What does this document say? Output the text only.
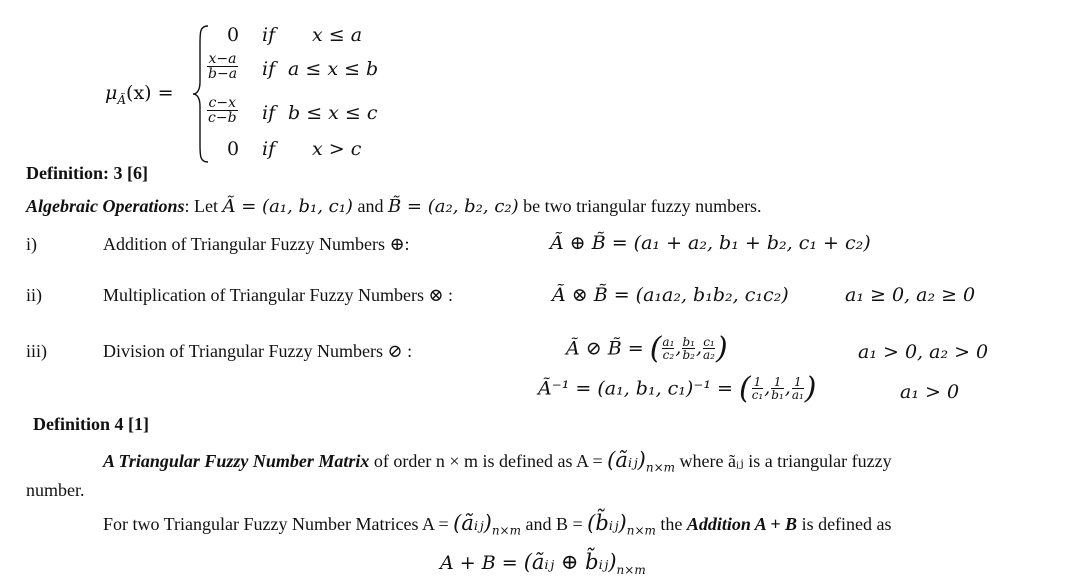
$\mu_Ã(x)$ =
0 if x ≤ a
$\frac{x-a}{b-a}$ if a ≤ x ≤ b
$\frac{c-x}{c-b}$ if b ≤ x ≤ c
0 if x > c
Definition: 3 [6]
Algebraic Operations: Let Ã = (a₁, b₁, c₁) and B̃ = (a₂, b₂, c₂) be two triangular fuzzy numbers.
i)	Addition of Triangular Fuzzy Numbers ⊕:	Ã ⊕ B̃ = (a₁ + a₂, b₁ + b₂, c₁ + c₂)
ii)	Multiplication of Triangular Fuzzy Numbers ⊗ :	Ã ⊗ B̃ = (a₁a₂, b₁b₂, c₁c₂)	a₁ ≥ 0, a₂ ≥ 0
iii)	Division of Triangular Fuzzy Numbers ⊘ :	Ã ⊘ B̃ = ( $\frac{\text{a₁}}{\text{c₂}}$ , $\frac{\text{b₁}}{\text{b₂}}$ , $\frac{\text{c₁}}{\text{a₂}}$ )	a₁ > 0, a₂ > 0
Ã⁻¹ = (a₁, b₁, c₁)⁻¹ = ( $\frac{1}{\text{c₁}}$ , $\frac{1}{\text{b₁}}$ , $\frac{1}{\text{a₁}}$ )	a₁ > 0
Definition 4 [1]
A Triangular Fuzzy Number Matrix of order n × m is defined as $A = (ãᵢⱼ)_{n\times m}$ where ãᵢⱼ is a triangular fuzzy
number.
For two Triangular Fuzzy Number Matrices $A = (ãᵢⱼ)_{n\times m}$ and $B = (b̃ᵢⱼ)_{n\times m}$ the Addition A + B is defined as
A + B = (ãᵢⱼ ⊕ $b̃ᵢⱼ)_{n\times m}$
